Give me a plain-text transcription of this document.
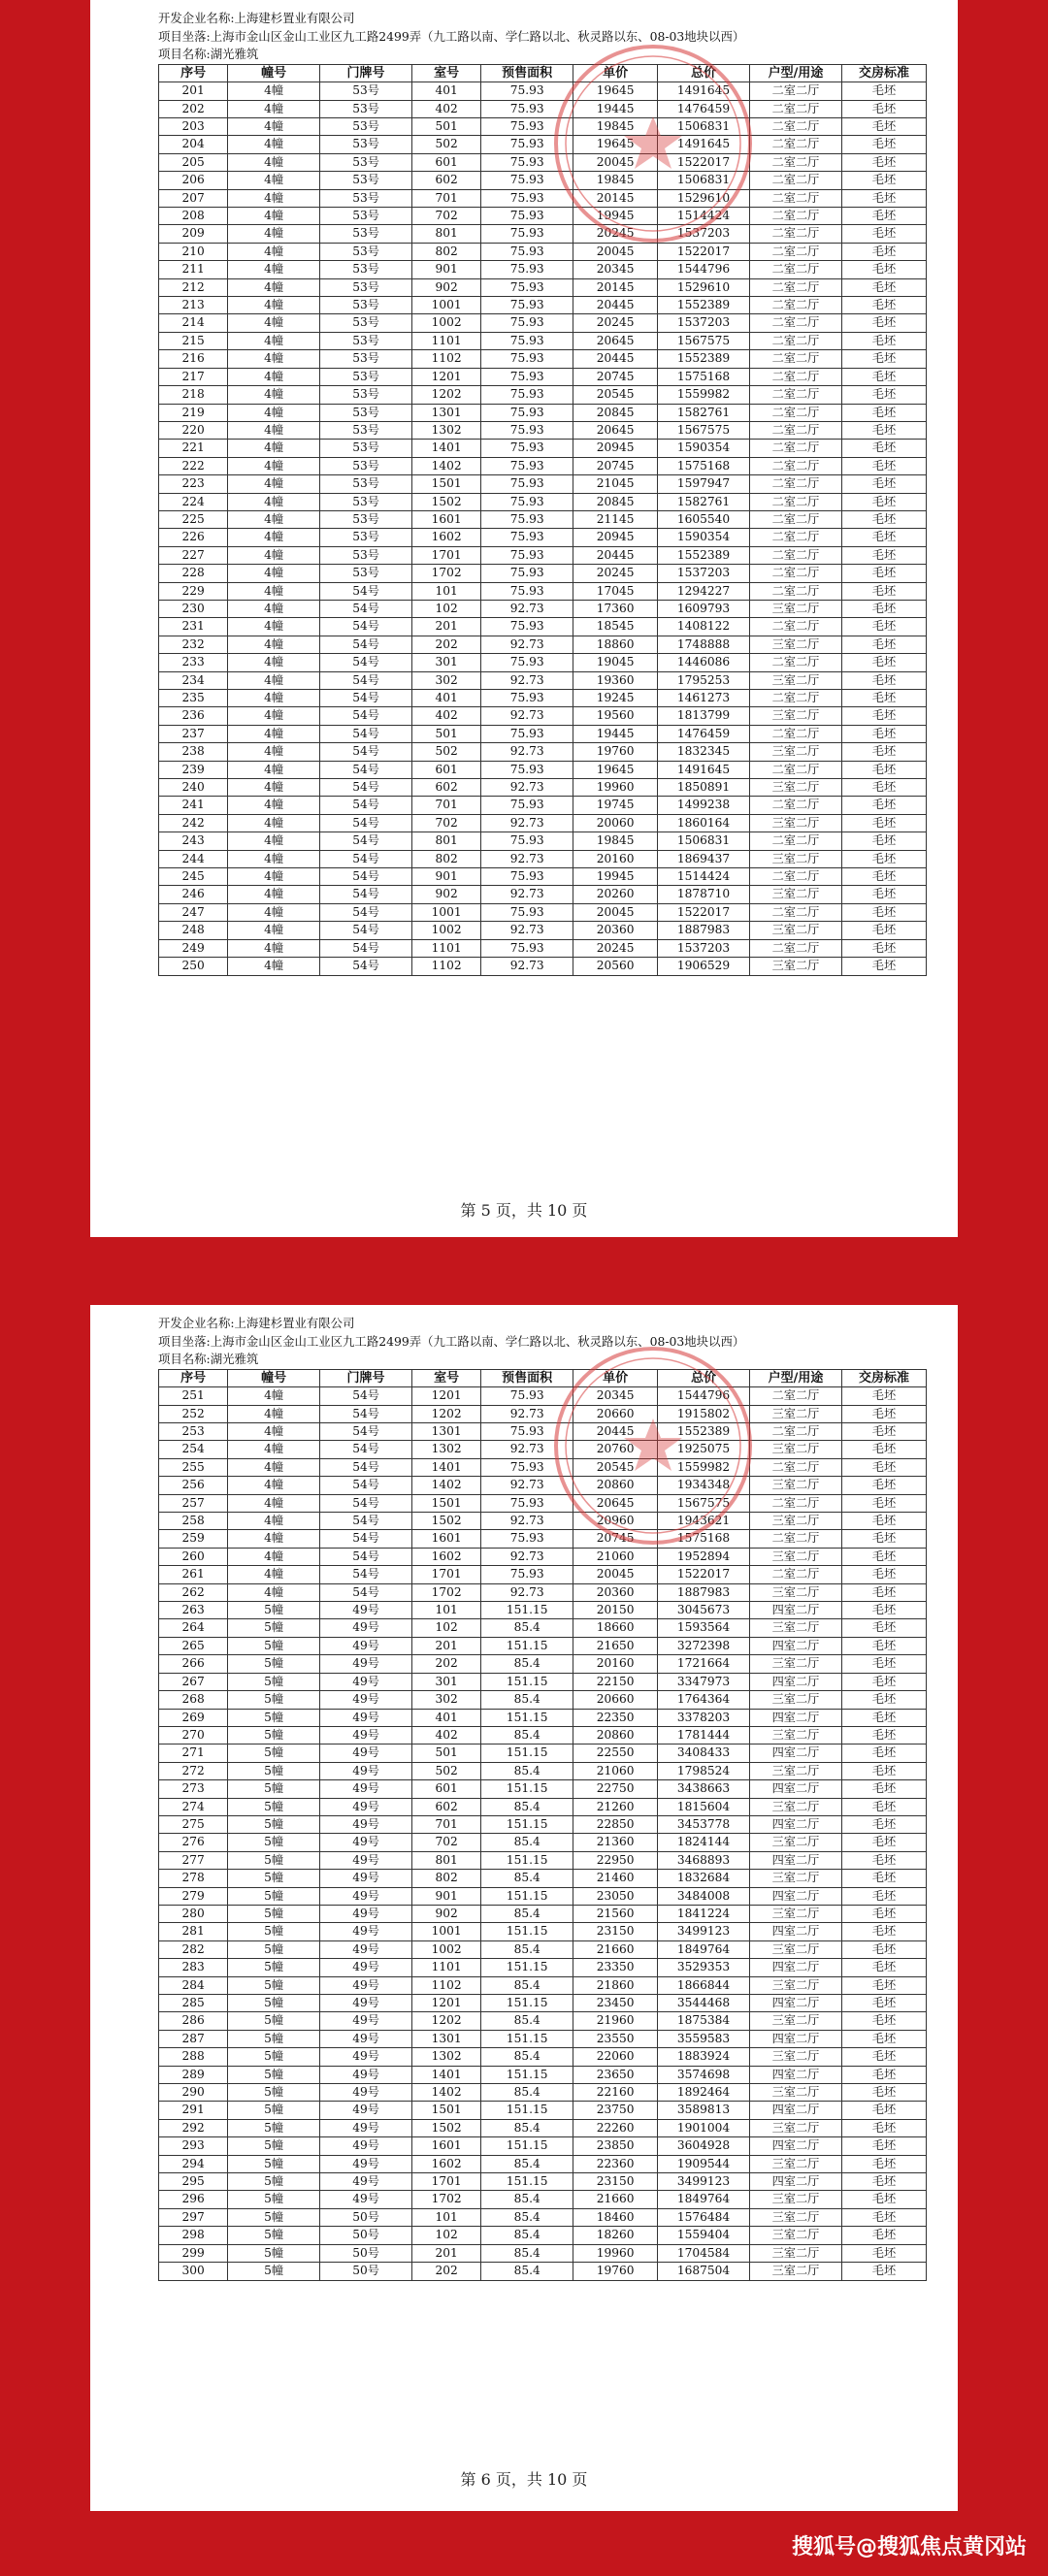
开发企业名称:上海建杉置业有限公司
项目坐落:上海市金山区金山工业区九工路2499弄（九工路以南、学仁路以北、秋灵路以东、08-03地块以西）
项目名称:湖光雅筑
序号	幢号	门牌号	室号	预售面积	单价	总价	户型/用途	交房标准
201	4幢	53号	401	75.93	19645	1491645	二室二厅	毛坯
202	4幢	53号	402	75.93	19445	1476459	二室二厅	毛坯
203	4幢	53号	501	75.93	19845	1506831	二室二厅	毛坯
204	4幢	53号	502	75.93	19645	1491645	二室二厅	毛坯
205	4幢	53号	601	75.93	20045	1522017	二室二厅	毛坯
206	4幢	53号	602	75.93	19845	1506831	二室二厅	毛坯
207	4幢	53号	701	75.93	20145	1529610	二室二厅	毛坯
208	4幢	53号	702	75.93	19945	1514424	二室二厅	毛坯
209	4幢	53号	801	75.93	20245	1537203	二室二厅	毛坯
210	4幢	53号	802	75.93	20045	1522017	二室二厅	毛坯
211	4幢	53号	901	75.93	20345	1544796	二室二厅	毛坯
212	4幢	53号	902	75.93	20145	1529610	二室二厅	毛坯
213	4幢	53号	1001	75.93	20445	1552389	二室二厅	毛坯
214	4幢	53号	1002	75.93	20245	1537203	二室二厅	毛坯
215	4幢	53号	1101	75.93	20645	1567575	二室二厅	毛坯
216	4幢	53号	1102	75.93	20445	1552389	二室二厅	毛坯
217	4幢	53号	1201	75.93	20745	1575168	二室二厅	毛坯
218	4幢	53号	1202	75.93	20545	1559982	二室二厅	毛坯
219	4幢	53号	1301	75.93	20845	1582761	二室二厅	毛坯
220	4幢	53号	1302	75.93	20645	1567575	二室二厅	毛坯
221	4幢	53号	1401	75.93	20945	1590354	二室二厅	毛坯
222	4幢	53号	1402	75.93	20745	1575168	二室二厅	毛坯
223	4幢	53号	1501	75.93	21045	1597947	二室二厅	毛坯
224	4幢	53号	1502	75.93	20845	1582761	二室二厅	毛坯
225	4幢	53号	1601	75.93	21145	1605540	二室二厅	毛坯
226	4幢	53号	1602	75.93	20945	1590354	二室二厅	毛坯
227	4幢	53号	1701	75.93	20445	1552389	二室二厅	毛坯
228	4幢	53号	1702	75.93	20245	1537203	二室二厅	毛坯
229	4幢	54号	101	75.93	17045	1294227	二室二厅	毛坯
230	4幢	54号	102	92.73	17360	1609793	三室二厅	毛坯
231	4幢	54号	201	75.93	18545	1408122	二室二厅	毛坯
232	4幢	54号	202	92.73	18860	1748888	三室二厅	毛坯
233	4幢	54号	301	75.93	19045	1446086	二室二厅	毛坯
234	4幢	54号	302	92.73	19360	1795253	三室二厅	毛坯
235	4幢	54号	401	75.93	19245	1461273	二室二厅	毛坯
236	4幢	54号	402	92.73	19560	1813799	三室二厅	毛坯
237	4幢	54号	501	75.93	19445	1476459	二室二厅	毛坯
238	4幢	54号	502	92.73	19760	1832345	三室二厅	毛坯
239	4幢	54号	601	75.93	19645	1491645	二室二厅	毛坯
240	4幢	54号	602	92.73	19960	1850891	三室二厅	毛坯
241	4幢	54号	701	75.93	19745	1499238	二室二厅	毛坯
242	4幢	54号	702	92.73	20060	1860164	三室二厅	毛坯
243	4幢	54号	801	75.93	19845	1506831	二室二厅	毛坯
244	4幢	54号	802	92.73	20160	1869437	三室二厅	毛坯
245	4幢	54号	901	75.93	19945	1514424	二室二厅	毛坯
246	4幢	54号	902	92.73	20260	1878710	三室二厅	毛坯
247	4幢	54号	1001	75.93	20045	1522017	二室二厅	毛坯
248	4幢	54号	1002	92.73	20360	1887983	三室二厅	毛坯
249	4幢	54号	1101	75.93	20245	1537203	二室二厅	毛坯
250	4幢	54号	1102	92.73	20560	1906529	三室二厅	毛坯
第 5 页，共 10 页
开发企业名称:上海建杉置业有限公司
项目坐落:上海市金山区金山工业区九工路2499弄（九工路以南、学仁路以北、秋灵路以东、08-03地块以西）
项目名称:湖光雅筑
序号	幢号	门牌号	室号	预售面积	单价	总价	户型/用途	交房标准
251	4幢	54号	1201	75.93	20345	1544796	二室二厅	毛坯
252	4幢	54号	1202	92.73	20660	1915802	三室二厅	毛坯
253	4幢	54号	1301	75.93	20445	1552389	二室二厅	毛坯
254	4幢	54号	1302	92.73	20760	1925075	三室二厅	毛坯
255	4幢	54号	1401	75.93	20545	1559982	二室二厅	毛坯
256	4幢	54号	1402	92.73	20860	1934348	三室二厅	毛坯
257	4幢	54号	1501	75.93	20645	1567575	二室二厅	毛坯
258	4幢	54号	1502	92.73	20960	1943621	三室二厅	毛坯
259	4幢	54号	1601	75.93	20745	1575168	二室二厅	毛坯
260	4幢	54号	1602	92.73	21060	1952894	三室二厅	毛坯
261	4幢	54号	1701	75.93	20045	1522017	二室二厅	毛坯
262	4幢	54号	1702	92.73	20360	1887983	三室二厅	毛坯
263	5幢	49号	101	151.15	20150	3045673	四室二厅	毛坯
264	5幢	49号	102	85.4	18660	1593564	三室二厅	毛坯
265	5幢	49号	201	151.15	21650	3272398	四室二厅	毛坯
266	5幢	49号	202	85.4	20160	1721664	三室二厅	毛坯
267	5幢	49号	301	151.15	22150	3347973	四室二厅	毛坯
268	5幢	49号	302	85.4	20660	1764364	三室二厅	毛坯
269	5幢	49号	401	151.15	22350	3378203	四室二厅	毛坯
270	5幢	49号	402	85.4	20860	1781444	三室二厅	毛坯
271	5幢	49号	501	151.15	22550	3408433	四室二厅	毛坯
272	5幢	49号	502	85.4	21060	1798524	三室二厅	毛坯
273	5幢	49号	601	151.15	22750	3438663	四室二厅	毛坯
274	5幢	49号	602	85.4	21260	1815604	三室二厅	毛坯
275	5幢	49号	701	151.15	22850	3453778	四室二厅	毛坯
276	5幢	49号	702	85.4	21360	1824144	三室二厅	毛坯
277	5幢	49号	801	151.15	22950	3468893	四室二厅	毛坯
278	5幢	49号	802	85.4	21460	1832684	三室二厅	毛坯
279	5幢	49号	901	151.15	23050	3484008	四室二厅	毛坯
280	5幢	49号	902	85.4	21560	1841224	三室二厅	毛坯
281	5幢	49号	1001	151.15	23150	3499123	四室二厅	毛坯
282	5幢	49号	1002	85.4	21660	1849764	三室二厅	毛坯
283	5幢	49号	1101	151.15	23350	3529353	四室二厅	毛坯
284	5幢	49号	1102	85.4	21860	1866844	三室二厅	毛坯
285	5幢	49号	1201	151.15	23450	3544468	四室二厅	毛坯
286	5幢	49号	1202	85.4	21960	1875384	三室二厅	毛坯
287	5幢	49号	1301	151.15	23550	3559583	四室二厅	毛坯
288	5幢	49号	1302	85.4	22060	1883924	三室二厅	毛坯
289	5幢	49号	1401	151.15	23650	3574698	四室二厅	毛坯
290	5幢	49号	1402	85.4	22160	1892464	三室二厅	毛坯
291	5幢	49号	1501	151.15	23750	3589813	四室二厅	毛坯
292	5幢	49号	1502	85.4	22260	1901004	三室二厅	毛坯
293	5幢	49号	1601	151.15	23850	3604928	四室二厅	毛坯
294	5幢	49号	1602	85.4	22360	1909544	三室二厅	毛坯
295	5幢	49号	1701	151.15	23150	3499123	四室二厅	毛坯
296	5幢	49号	1702	85.4	21660	1849764	三室二厅	毛坯
297	5幢	50号	101	85.4	18460	1576484	三室二厅	毛坯
298	5幢	50号	102	85.4	18260	1559404	三室二厅	毛坯
299	5幢	50号	201	85.4	19960	1704584	三室二厅	毛坯
300	5幢	50号	202	85.4	19760	1687504	三室二厅	毛坯
第 6 页，共 10 页
搜狐号@搜狐焦点黄冈站
